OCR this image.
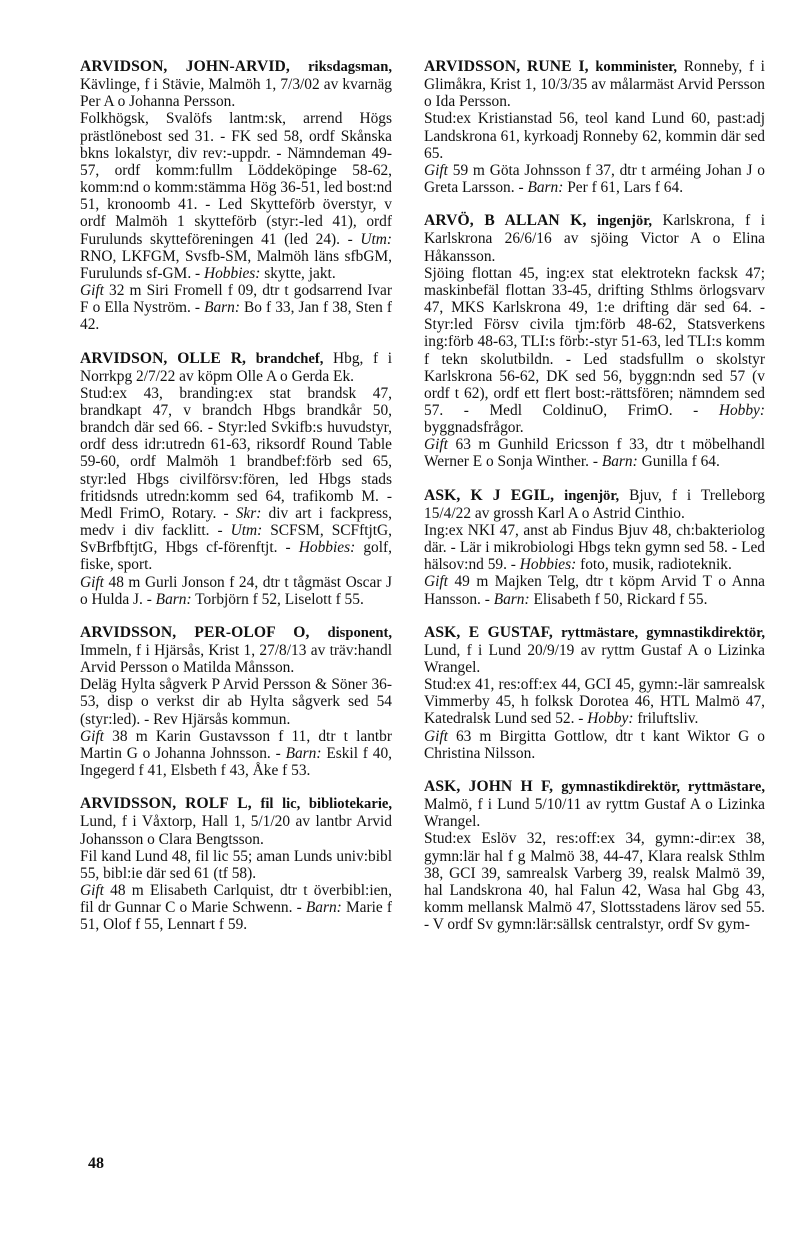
ARVIDSON, JOHN-ARVID, riksdagsman, Kävlinge, f i Stävie, Malmöh 1, 7/3/02 av kvarnäg Per A o Johanna Persson.

Folkhögsk, Svalöfs lantm:sk, arrend Högs prästlönebost sed 31. - FK sed 58, ordf Skånska bkns lokalstyr, div rev:-uppdr. - Nämndeman 49-57, ordf komm:fullm Löddeköpinge 58-62, komm:nd o komm:stämma Hög 36-51, led bost:nd 51, kronoomb 41. - Led Skytteförb överstyr, v ordf Malmöh 1 skytteförb (styr:-led 41), ordf Furulunds skytteföreningen 41 (led 24). - Utm: RNO, LKFGM, Svsfb-SM, Malmöh läns sfbGM, Furulunds sf-GM. - Hobbies: skytte, jakt.

Gift 32 m Siri Fromell f 09, dtr t godsarrend Ivar F o Ella Nyström. - Barn: Bo f 33, Jan f 38, Sten f 42.

ARVIDSON, OLLE R, brandchef, Hbg, f i Norrkpg 2/7/22 av köpm Olle A o Gerda Ek.

Stud:ex 43, branding:ex stat brandsk 47, brandkapt 47, v brandch Hbgs brandkår 50, brandch där sed 66. - Styr:led Svkifb:s huvudstyr, ordf dess idr:utredn 61-63, riksordf Round Table 59-60, ordf Malmöh 1 brandbef:förb sed 65, styr:led Hbgs civilförsv:fören, led Hbgs stads fritidsnds utredn:komm sed 64, trafikomb M. - Medl FrimO, Rotary. - Skr: div art i fackpress, medv i div facklitt. - Utm: SCFSM, SCFftjtG, SvBrfbftjtG, Hbgs cf-förenftjt. - Hobbies: golf, fiske, sport.

Gift 48 m Gurli Jonson f 24, dtr t tågmäst Oscar J o Hulda J. - Barn: Torbjörn f 52, Liselott f 55.

ARVIDSSON, PER-OLOF O, disponent, Immeln, f i Hjärsås, Krist 1, 27/8/13 av träv:handl Arvid Persson o Matilda Månsson.

Deläg Hylta sågverk P Arvid Persson & Söner 36-53, disp o verkst dir ab Hylta sågverk sed 54 (styr:led). - Rev Hjärsås kommun.

Gift 38 m Karin Gustavsson f 11, dtr t lantbr Martin G o Johanna Johnsson. - Barn: Eskil f 40, Ingegerd f 41, Elsbeth f 43, Åke f 53.

ARVIDSSON, ROLF L, fil lic, bibliotekarie, Lund, f i Våxtorp, Hall 1, 5/1/20 av lantbr Arvid Johansson o Clara Bengtsson.

Fil kand Lund 48, fil lic 55; aman Lunds univ:bibl 55, bibl:ie där sed 61 (tf 58).

Gift 48 m Elisabeth Carlquist, dtr t överbibl:ien, fil dr Gunnar C o Marie Schwenn. - Barn: Marie f 51, Olof f 55, Lennart f 59.

ARVIDSSON, RUNE I, komminister, Ronneby, f i Glimåkra, Krist 1, 10/3/35 av målarmäst Arvid Persson o Ida Persson.

Stud:ex Kristianstad 56, teol kand Lund 60, past:adj Landskrona 61, kyrkoadj Ronneby 62, kommin där sed 65.

Gift 59 m Göta Johnsson f 37, dtr t arméing Johan J o Greta Larsson. - Barn: Per f 61, Lars f 64.

ARVÖ, B ALLAN K, ingenjör, Karlskrona, f i Karlskrona 26/6/16 av sjöing Victor A o Elina Håkansson.

Sjöing flottan 45, ing:ex stat elektrotekn facksk 47; maskinbefäl flottan 33-45, drifting Sthlms örlogsvarv 47, MKS Karlskrona 49, 1:e drifting där sed 64. - Styr:led Försv civila tjm:förb 48-62, Statsverkens ing:förb 48-63, TLI:s förb:-styr 51-63, led TLI:s komm f tekn skolutbildn. - Led stadsfullm o skolstyr Karlskrona 56-62, DK sed 56, byggn:ndn sed 57 (v ordf t 62), ordf ett flert bost:-rättsfören; nämndem sed 57. - Medl ColdinuO, FrimO. - Hobby: byggnadsfrågor.

Gift 63 m Gunhild Ericsson f 33, dtr t möbelhandl Werner E o Sonja Winther. - Barn: Gunilla f 64.

ASK, K J EGIL, ingenjör, Bjuv, f i Trelleborg 15/4/22 av grossh Karl A o Astrid Cinthio.

Ing:ex NKI 47, anst ab Findus Bjuv 48, ch:bakteriolog där. - Lär i mikrobiologi Hbgs tekn gymn sed 58. - Led hälsov:nd 59. - Hobbies: foto, musik, radioteknik.

Gift 49 m Majken Telg, dtr t köpm Arvid T o Anna Hansson. - Barn: Elisabeth f 50, Rickard f 55.

ASK, E GUSTAF, ryttmästare, gymnastikdirektör, Lund, f i Lund 20/9/19 av ryttm Gustaf A o Lizinka Wrangel.

Stud:ex 41, res:off:ex 44, GCI 45, gymn:-lär samrealsk Vimmerby 45, h folksk Dorotea 46, HTL Malmö 47, Katedralsk Lund sed 52. - Hobby: friluftsliv.

Gift 63 m Birgitta Gottlow, dtr t kant Wiktor G o Christina Nilsson.

ASK, JOHN H F, gymnastikdirektör, ryttmästare, Malmö, f i Lund 5/10/11 av ryttm Gustaf A o Lizinka Wrangel.

Stud:ex Eslöv 32, res:off:ex 34, gymn:-dir:ex 38, gymn:lär hal f g Malmö 38, 44-47, Klara realsk Sthlm 38, GCI 39, samrealsk Varberg 39, realsk Malmö 39, hal Landskrona 40, hal Falun 42, Wasa hal Gbg 43, komm mellansk Malmö 47, Slottsstadens lärov sed 55. - V ordf Sv gymn:lär:sällsk centralstyr, ordf Sv gym-

48
